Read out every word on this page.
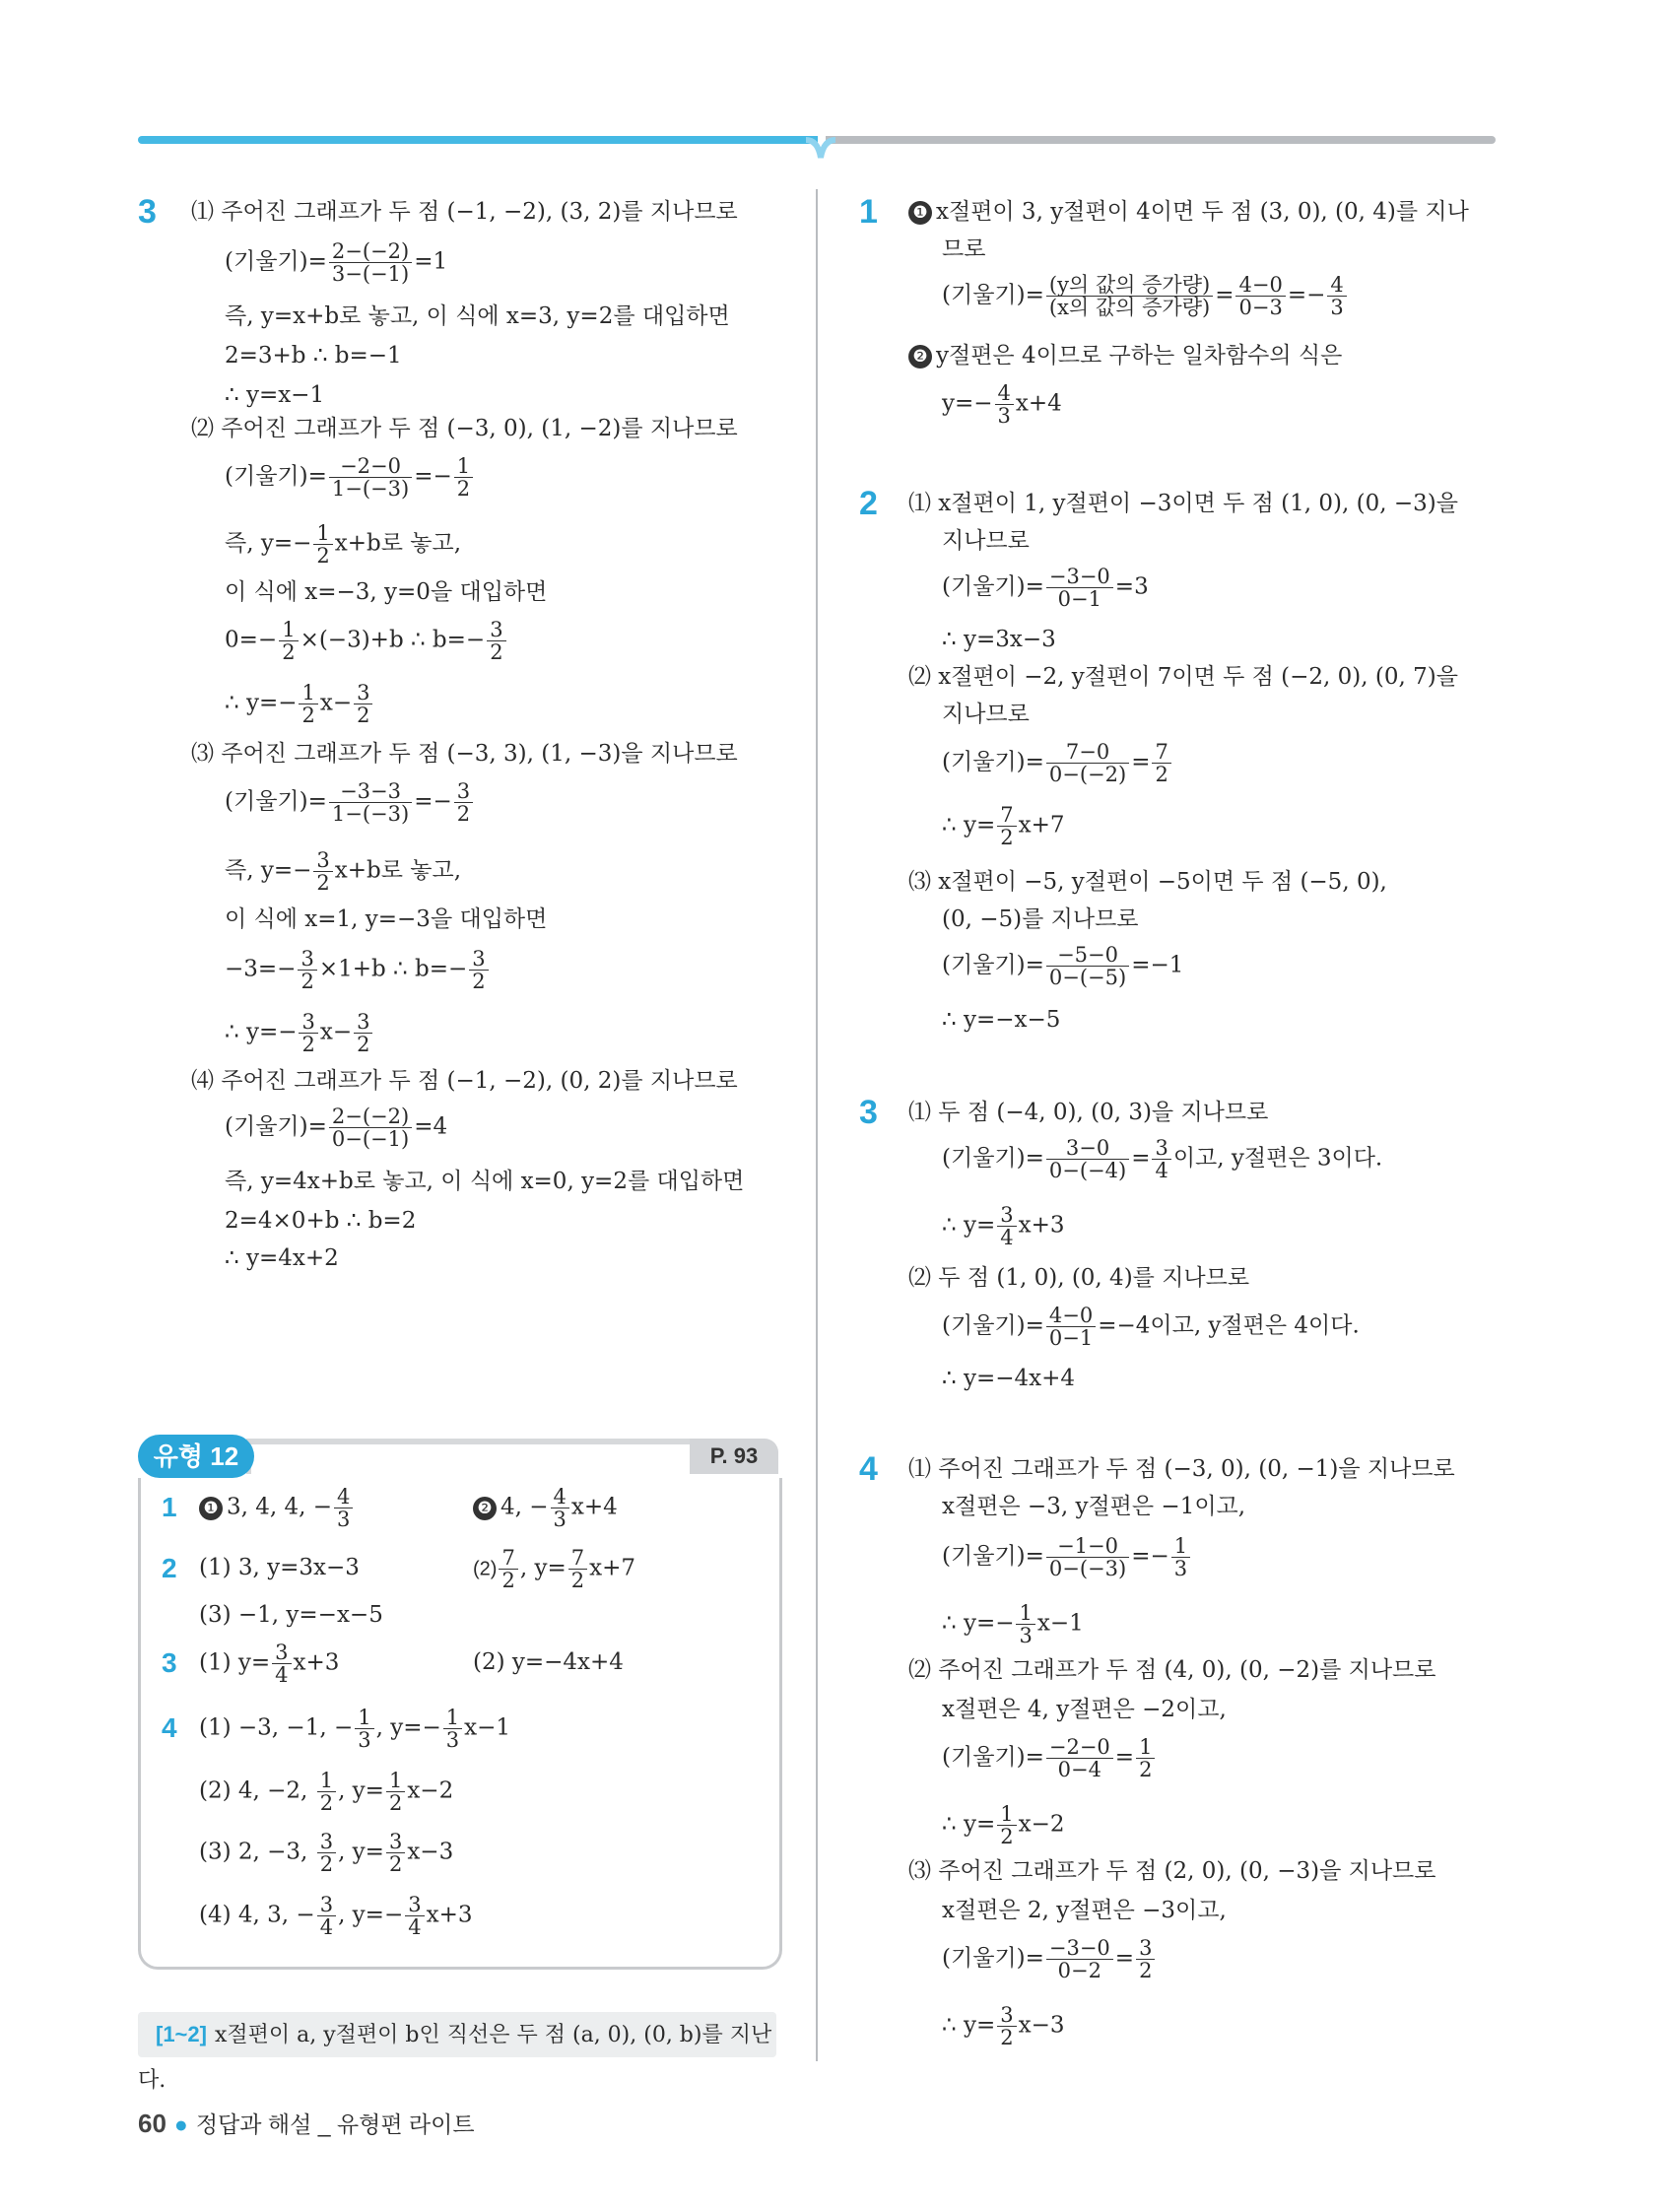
3 ⑴ 주어진 그래프가 두 점 (−1, −2), (3, 2)를 지나므로
(기울기)= $\frac{2-(-2)}{3-(-1)} =1$
즉, y=x+b로 놓고, 이 식에 x=3, y=2를 대입하면
2=3+b ∴ b=−1
∴ y=x−1
⑵ 주어진 그래프가 두 점 (−3, 0), (1, −2)를 지나므로
(기울기)= $\frac{-2-0}{1-(-3)} =- \frac{1}{2}$
즉, $y=- \frac{1}{2} x+b$로 놓고,
이 식에 x=−3, y=0을 대입하면
$0=- \frac{1}{2} \times(-3)+b$ ∴ $b=- \frac{3}{2}$
∴ $y=- \frac{1}{2} x- \frac{3}{2}$
⑶ 주어진 그래프가 두 점 (−3, 3), (1, −3)을 지나므로
(기울기)= $\frac{-3-3}{1-(-3)} =- \frac{3}{2}$
즉, $y=- \frac{3}{2} x+b$로 놓고,
이 식에 x=1, y=−3을 대입하면
$-3=- \frac{3}{2} \times 1+b$ ∴ $b=- \frac{3}{2}$
∴ $y=- \frac{3}{2} x- \frac{3}{2}$
⑷ 주어진 그래프가 두 점 (−1, −2), (0, 2)를 지나므로
(기울기)= $\frac{2-(-2)}{0-(-1)} =4$
즉, y=4x+b로 놓고, 이 식에 x=0, y=2를 대입하면
2=4×0+b ∴ b=2
∴ y=4x+2
유형 12	P. 93
1 ❶ 3, 4, 4, − $\frac{4}{3}$	❷ 4, − $\frac{4}{3} x+4$
2 (1) 3, y=3x−3	$(2) \frac{7}{2}$ , $y= \frac{7}{2} x+7$
(3) −1, y=−x−5
3 (1) $y= \frac{3}{4} x+3$	(2) y=−4x+4
4 (1) −3, −1, − $\frac{1}{3}$ , $y=- \frac{1}{3} x-1$
(2) 4, −2, $\frac{1}{2}$ , $y= \frac{1}{2} x-2$
(3) 2, −3, $\frac{3}{2}$ , $y= \frac{3}{2} x-3$
(4) 4, 3, − $\frac{3}{4}$ , $y=- \frac{3}{4} x+3$
[1~2] x절편이 a, y절편이 b인 직선은 두 점 (a, 0), (0, b)를 지난다.
1 ❶ x절편이 3, y절편이 4이면 두 점 (3, 0), (0, 4)를 지나
므로
(기울기)= $\frac{\text{(y의 값의 증가량)}}{\text{(x의 값의 증가량)}} = \frac{4-0}{0-3} =- \frac{4}{3}$
❷ y절편은 4이므로 구하는 일차함수의 식은
$y=- \frac{4}{3} x+4$
2 ⑴ x절편이 1, y절편이 −3이면 두 점 (1, 0), (0, −3)을
지나므로
(기울기)= $\frac{-3-0}{0-1} =3$
∴ y=3x−3
⑵ x절편이 −2, y절편이 7이면 두 점 (−2, 0), (0, 7)을
지나므로
(기울기)= $\frac{7-0}{0-(-2)} = \frac{7}{2}$
∴ $y= \frac{7}{2} x+7$
⑶ x절편이 −5, y절편이 −5이면 두 점 (−5, 0),
(0, −5)를 지나므로
(기울기)= $\frac{-5-0}{0-(-5)} =-1$
∴ y=−x−5
3 ⑴ 두 점 (−4, 0), (0, 3)을 지나므로
(기울기)= $\frac{3-0}{0-(-4)} = \frac{3}{4}$ 이고, y절편은 3이다.
∴ $y= \frac{3}{4} x+3$
⑵ 두 점 (1, 0), (0, 4)를 지나므로
(기울기)= $\frac{4-0}{0-1} =-4$이고, y절편은 4이다.
∴ y=−4x+4
4 ⑴ 주어진 그래프가 두 점 (−3, 0), (0, −1)을 지나므로
x절편은 −3, y절편은 −1이고,
(기울기)= $\frac{-1-0}{0-(-3)} =- \frac{1}{3}$
∴ $y=- \frac{1}{3} x-1$
⑵ 주어진 그래프가 두 점 (4, 0), (0, −2)를 지나므로
x절편은 4, y절편은 −2이고,
(기울기)= $\frac{-2-0}{0-4} = \frac{1}{2}$
∴ $y= \frac{1}{2} x-2$
⑶ 주어진 그래프가 두 점 (2, 0), (0, −3)을 지나므로
x절편은 2, y절편은 −3이고,
(기울기)= $\frac{-3-0}{0-2} = \frac{3}{2}$
∴ $y= \frac{3}{2} x-3$
60 ● 정답과 해설 _ 유형편 라이트
